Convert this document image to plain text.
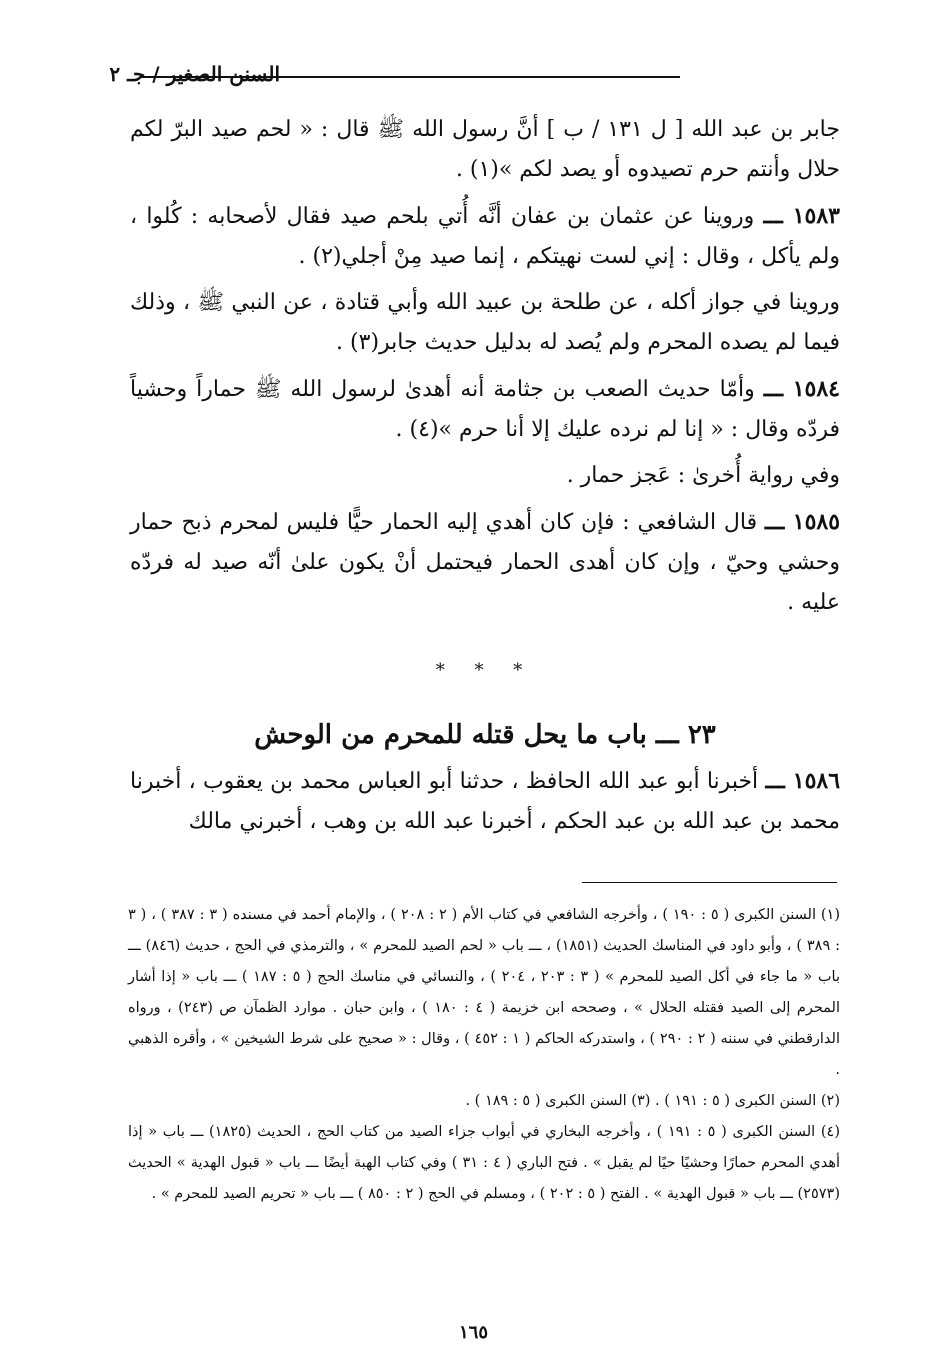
السنن الصغير / جـ ٢

جابر بن عبد الله [ ل ١٣١ / ب ] أنَّ رسول الله ﷺ قال : « لحم صيد البرّ لكم حلال وأنتم حرم تصيدوه أو يصد لكم »(١) .

١٥٨٣ ـــ وروينا عن عثمان بن عفان أنَّه أُتي بلحم صيد فقال لأصحابه : كُلوا ، ولم يأكل ، وقال : إني لست نهيتكم ، إنما صيد مِنْ أجلي(٢) .

وروينا في جواز أكله ، عن طلحة بن عبيد الله وأبي قتادة ، عن النبي ﷺ ، وذلك فيما لم يصده المحرم ولم يُصد له بدليل حديث جابر(٣) .

١٥٨٤ ـــ وأمّا حديث الصعب بن جثامة أنه أهدىٰ لرسول الله ﷺ حماراً وحشياً فردّه وقال : « إنا لم نرده عليك إلا أنا حرم »(٤) .

وفي رواية أُخرىٰ : عَجز حمار .

١٥٨٥ ـــ قال الشافعي : فإن كان أهدي إليه الحمار حيًّا فليس لمحرم ذبح حمار وحشي وحيّ ، وإن كان أهدى الحمار فيحتمل أنْ يكون علىٰ أنّه صيد له فردّه عليه .

* * *
٢٣ ـــ باب ما يحل قتله للمحرم من الوحش

١٥٨٦ ـــ أخبرنا أبو عبد الله الحافظ ، حدثنا أبو العباس محمد بن يعقوب ، أخبرنا محمد بن عبد الله بن عبد الحكم ، أخبرنا عبد الله بن وهب ، أخبرني مالك

(١) السنن الكبرى ( ٥ : ١٩٠ ) ، وأخرجه الشافعي في كتاب الأم ( ٢ : ٢٠٨ ) ، والإمام أحمد في مسنده ( ٣ : ٣٨٧ ) ، ( ٣ : ٣٨٩ ) ، وأبو داود في المناسك الحديث (١٨٥١) ، ـــ باب « لحم الصيد للمحرم » ، والترمذي في الحج ، حديث (٨٤٦) ـــ باب « ما جاء في أكل الصيد للمحرم » ( ٣ : ٢٠٣ ، ٢٠٤ ) ، والنسائي في مناسك الحج ( ٥ : ١٨٧ ) ـــ باب « إذا أشار المحرم إلى الصيد فقتله الحلال » ، وصححه ابن خزيمة ( ٤ : ١٨٠ ) ، وابن حبان . موارد الظمآن ص (٢٤٣) ، ورواه الدارقطني في سننه ( ٢ : ٢٩٠ ) ، واستدركه الحاكم ( ١ : ٤٥٢ ) ، وقال : « صحيح على شرط الشيخين » ، وأقره الذهبي .

(٢) السنن الكبرى ( ٥ : ١٩١ ) . (٣) السنن الكبرى ( ٥ : ١٨٩ ) .

(٤) السنن الكبرى ( ٥ : ١٩١ ) ، وأخرجه البخاري في أبواب جزاء الصيد من كتاب الحج ، الحديث (١٨٢٥) ـــ باب « إذا أهدي المحرم حمارًا وحشيًا حيًا لم يقبل » . فتح الباري ( ٤ : ٣١ ) وفي كتاب الهبة أيضًا ـــ باب « قبول الهدية » الحديث (٢٥٧٣) ـــ باب « قبول الهدية » . الفتح ( ٥ : ٢٠٢ ) ، ومسلم في الحج ( ٢ : ٨٥٠ ) ـــ باب « تحريم الصيد للمحرم » .

١٦٥
